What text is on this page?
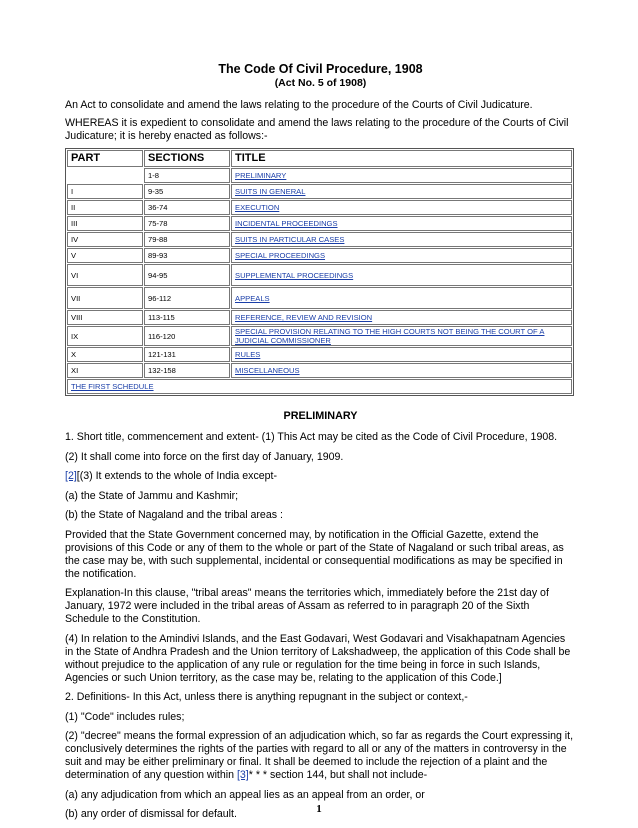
The Code Of Civil Procedure, 1908
(Act No. 5 of 1908)

An Act to consolidate and amend the laws relating to the procedure of the Courts of Civil Judicature.

WHEREAS it is expedient to consolidate and amend the laws relating to the procedure of the Courts of Civil Judicature; it is hereby enacted as follows:-

PART	SECTIONS	TITLE
	1-8	PRELIMINARY
I	9-35	SUITS IN GENERAL
II	36-74	EXECUTION
III	75-78	INCIDENTAL PROCEEDINGS
IV	79-88	SUITS IN PARTICULAR CASES
V	89-93	SPECIAL PROCEEDINGS
VI	94-95	SUPPLEMENTAL PROCEEDINGS
VII	96-112	APPEALS
VIII	113-115	REFERENCE, REVIEW AND REVISION
IX	116-120	SPECIAL PROVISION RELATING TO THE HIGH COURTS NOT BEING THE COURT OF A JUDICIAL COMMISSIONER
X	121-131	RULES
XI	132-158	MISCELLANEOUS
THE FIRST SCHEDULE		
PRELIMINARY

1. Short title, commencement and extent- (1) This Act may be cited as the Code of Civil Procedure, 1908.

(2) It shall come into force on the first day of January, 1909.

[2][(3) It extends to the whole of India except-

(a) the State of Jammu and Kashmir;

(b) the State of Nagaland and the tribal areas :

Provided that the State Government concerned may, by notification in the Official Gazette, extend the provisions of this Code or any of them to the whole or part of the State of Nagaland or such tribal areas, as the case may be, with such supplemental, incidental or consequential modifications as may be specified in the notification.

Explanation-In this clause, "tribal areas" means the territories which, immediately before the 21st day of January, 1972 were included in the tribal areas of Assam as referred to in paragraph 20 of the Sixth Schedule to the Constitution.

(4) In relation to the Amindivi Islands, and the East Godavari, West Godavari and Visakhapatnam Agencies in the State of Andhra Pradesh and the Union territory of Lakshadweep, the application of this Code shall be without prejudice to the application of any rule or regulation for the time being in force in such Islands, Agencies or such Union territory, as the case may be, relating to the application of this Code.]

2. Definitions- In this Act, unless there is anything repugnant in the subject or context,-

(1) "Code" includes rules;

(2) "decree" means the formal expression of an adjudication which, so far as regards the Court expressing it, conclusively determines the rights of the parties with regard to all or any of the matters in controversy in the suit and may be either preliminary or final. It shall be deemed to include the rejection of a plaint and the determination of any question within [3]* * * section 144, but shall not include-

(a) any adjudication from which an appeal lies as an appeal from an order, or

(b) any order of dismissal for default.	1
